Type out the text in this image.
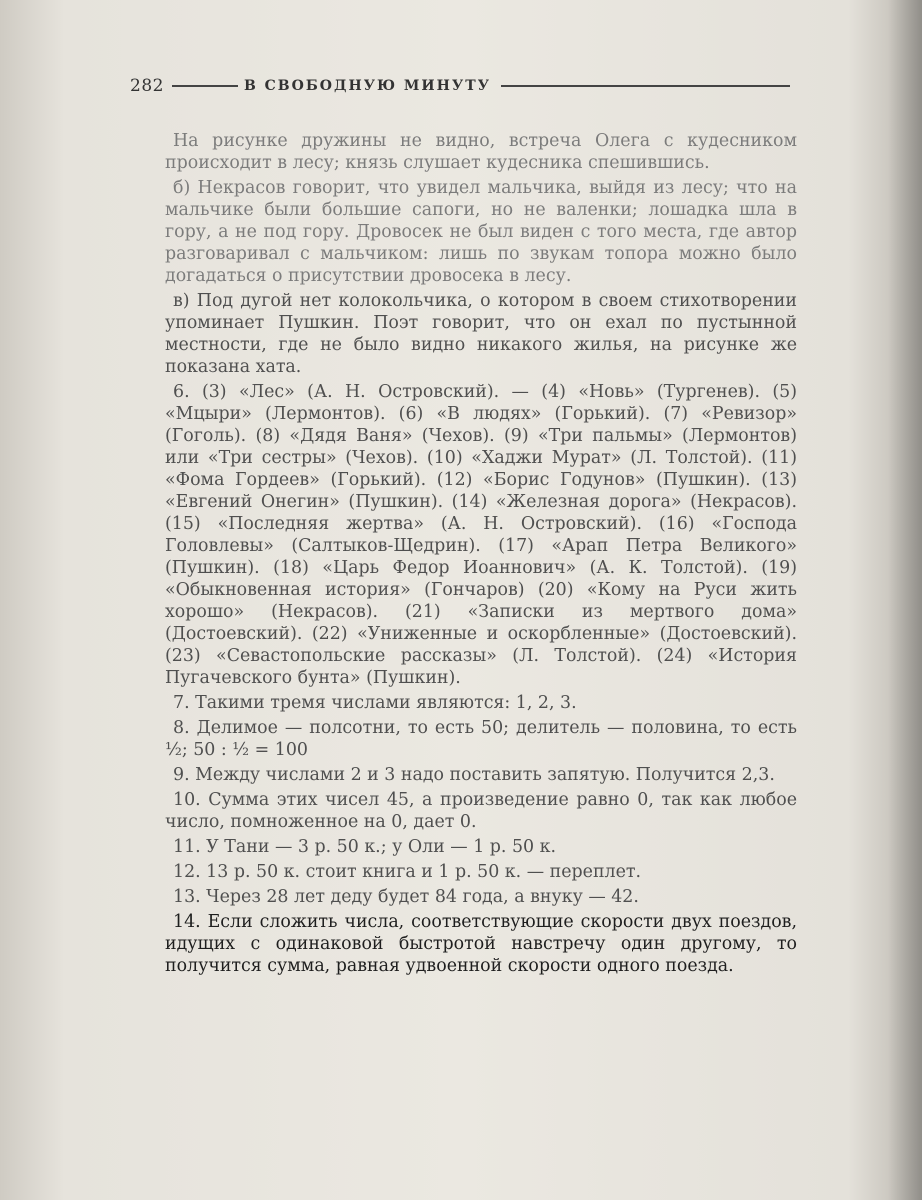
282	В СВОБОДНУЮ МИНУТУ

На рисунке дружины не видно, встреча Олега с кудесником происходит в лесу; князь слушает кудесника спешившись.

б) Некрасов говорит, что увидел мальчика, выйдя из лесу; что на мальчике были большие сапоги, но не валенки; лошадка шла в гору, а не под гору. Дровосек не был виден с того места, где автор разговаривал с мальчиком: лишь по звукам топора можно было догадаться о присутствии дровосека в лесу.

в) Под дугой нет колокольчика, о котором в своем стихотворении упоминает Пушкин. Поэт говорит, что он ехал по пустынной местности, где не было видно никакого жилья, на рисунке же показана хата.

6. (3) «Лес» (А. Н. Островский). — (4) «Новь» (Тургенев). (5) «Мцыри» (Лермонтов). (6) «В людях» (Горький). (7) «Ревизор» (Гоголь). (8) «Дядя Ваня» (Чехов). (9) «Три пальмы» (Лермонтов) или «Три сестры» (Чехов). (10) «Хаджи Мурат» (Л. Толстой). (11) «Фома Гордеев» (Горький). (12) «Борис Годунов» (Пушкин). (13) «Евгений Онегин» (Пушкин). (14) «Железная дорога» (Некрасов). (15) «Последняя жертва» (А. Н. Островский). (16) «Господа Головлевы» (Салтыков-Щедрин). (17) «Арап Петра Великого» (Пушкин). (18) «Царь Федор Иоаннович» (А. К. Толстой). (19) «Обыкновенная история» (Гончаров) (20) «Кому на Руси жить хорошо» (Некрасов). (21) «Записки из мертвого дома» (Достоевский). (22) «Униженные и оскорбленные» (Достоевский). (23) «Севастопольские рассказы» (Л. Толстой). (24) «История Пугачевского бунта» (Пушкин).

7. Такими тремя числами являются: 1, 2, 3.

8. Делимое — полсотни, то есть 50; делитель — половина, то есть ½; 50 : ½ = 100

9. Между числами 2 и 3 надо поставить запятую. Получится 2,3.

10. Сумма этих чисел 45, а произведение равно 0, так как любое число, помноженное на 0, дает 0.

11. У Тани — 3 р. 50 к.; у Оли — 1 р. 50 к.

12. 13 р. 50 к. стоит книга и 1 р. 50 к. — переплет.

13. Через 28 лет деду будет 84 года, а внуку — 42.

14. Если сложить числа, соответствующие скорости двух поездов, идущих с одинаковой быстротой навстречу один другому, то получится сумма, равная удвоенной скорости одного поезда.
